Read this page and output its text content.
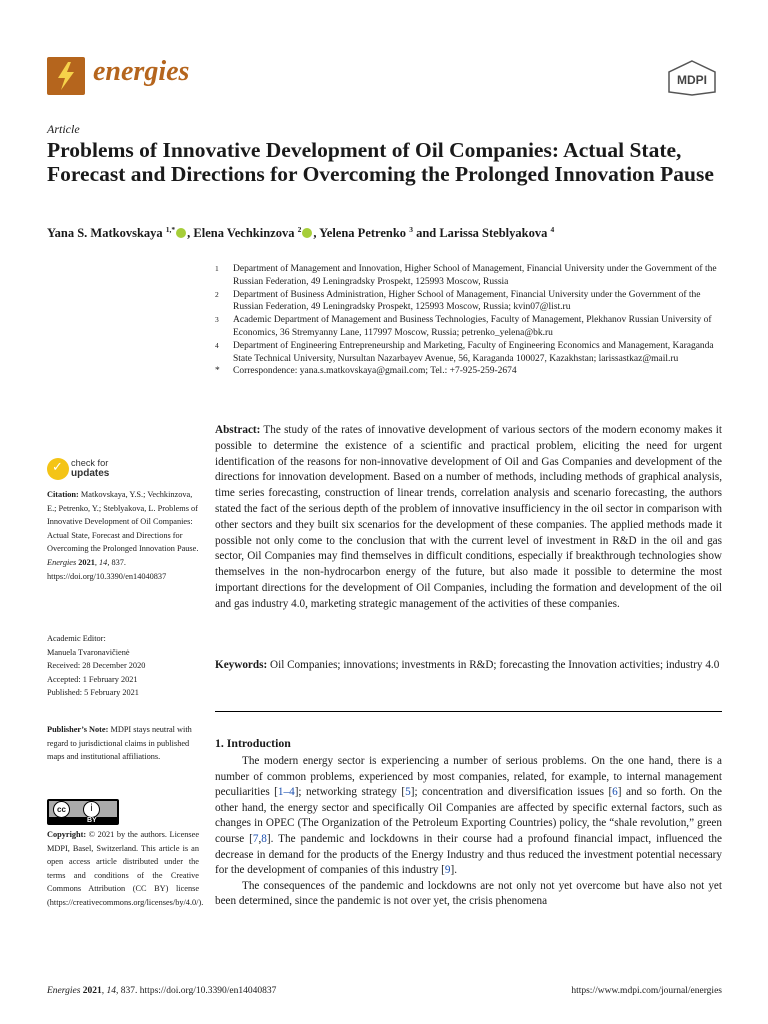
energies	MDPI
Article
Problems of Innovative Development of Oil Companies: Actual State, Forecast and Directions for Overcoming the Prolonged Innovation Pause
Yana S. Matkovskaya $^{1,*}$ , Elena Vechkinzova $^2$ , Yelena Petrenko $^3$ and Larissa Steblyakova $^4$
1	Department of Management and Innovation, Higher School of Management, Financial University under the Government of the Russian Federation, 49 Leningradsky Prospekt, 125993 Moscow, Russia
2	Department of Business Administration, Higher School of Management, Financial University under the Government of the Russian Federation, 49 Leningradsky Prospekt, 125993 Moscow, Russia; kvin07@list.ru
3	Academic Department of Management and Business Technologies, Faculty of Management, Plekhanov Russian University of Economics, 36 Stremyanny Lane, 117997 Moscow, Russia; petrenko_yelena@bk.ru
4	Department of Engineering Entrepreneurship and Marketing, Faculty of Engineering Economics and Management, Karaganda State Technical University, Nursultan Nazarbayev Avenue, 56, Karaganda 100027, Kazakhstan; larissastkaz@mail.ru
*	Correspondence: yana.s.matkovskaya@gmail.com; Tel.: +7-925-259-2674
✓ check for
updates
Citation: Matkovskaya, Y.S.; Vechkinzova, E.; Petrenko, Y.; Steblyakova, L. Problems of Innovative Development of Oil Companies: Actual State, Forecast and Directions for Overcoming the Prolonged Innovation Pause. Energies 2021, 14, 837. https://doi.org/10.3390/en14040837
Academic Editor:
Manuela Tvaronavičienė
Received: 28 December 2020
Accepted: 1 February 2021
Published: 5 February 2021
Publisher’s Note: MDPI stays neutral with regard to jurisdictional claims in published maps and institutional affiliations.
cc	i
BY
Copyright: © 2021 by the authors. Licensee MDPI, Basel, Switzerland. This article is an open access article distributed under the terms and conditions of the Creative Commons Attribution (CC BY) license (https://creativecommons.org/licenses/by/4.0/).
Abstract: The study of the rates of innovative development of various sectors of the modern economy makes it possible to determine the existence of a scientific and practical problem, eliciting the need for urgent identification of the reasons for non-innovative development of Oil and Gas Companies and development of the directions for innovation development. Based on a number of methods, including methods of graphical analysis, time series forecasting, construction of linear trends, correlation analysis and scenario forecasting, the authors stated the fact of the serious depth of the problem of innovative insufficiency in the oil sector in comparison with other sectors and they built six scenarios for the development of these companies. The applied methods made it possible not only come to the conclusion that with the current level of investment in R&D in the oil and gas sector, Oil Companies may find themselves in difficult conditions, especially if breakthrough technologies show themselves in the non-hydrocarbon energy of the future, but also made it possible to determine the most important directions for the development of Oil Companies, including the formation and development of the oil and gas industry 4.0, marketing strategic management of the activities of these companies.
Keywords: Oil Companies; innovations; investments in R&D; forecasting the Innovation activities; industry 4.0
1. Introduction

The modern energy sector is experiencing a number of serious problems. On the one hand, there is a number of common problems, experienced by most companies, related, for example, to internal management peculiarities [1–4]; networking strategy [5]; concentration and diversification issues [6] and so forth. On the other hand, the energy sector and specifically Oil Companies are affected by specific external factors, such as changes in OPEC (The Organization of the Petroleum Exporting Countries) policy, the “shale revolution,” green course [7,8]. The pandemic and lockdowns in their course had a profound financial impact, influenced the decrease in demand for the products of the Energy Industry and thus reduced the investment potential necessary for the development of companies of this industry [9].

The consequences of the pandemic and lockdowns are not only not yet overcome but have also not yet been determined, since the pandemic is not over yet, the crisis phenomena

Energies 2021, 14, 837. https://doi.org/10.3390/en14040837	https://www.mdpi.com/journal/energies
